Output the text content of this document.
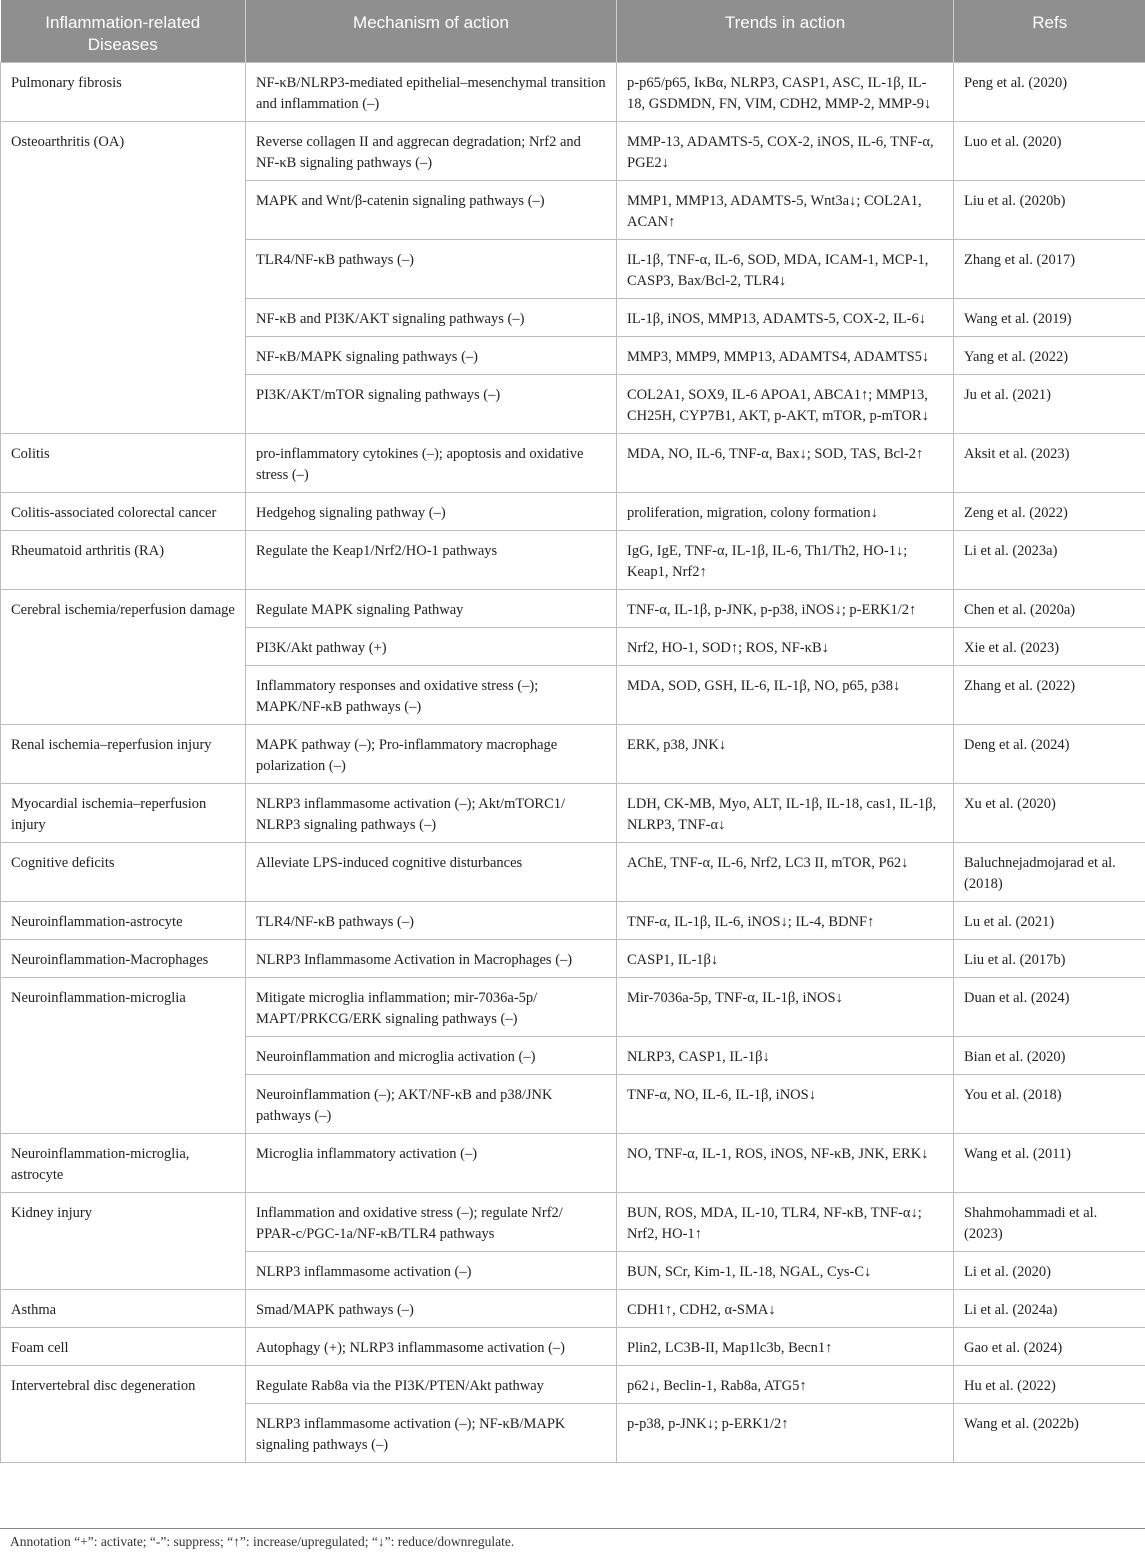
Inflammation-related Diseases	Mechanism of action	Trends in action	Refs
Pulmonary fibrosis	NF-κB/NLRP3-mediated epithelial–mesenchymal transition and inflammation (–)	p-p65/p65, IκBα, NLRP3, CASP1, ASC, IL-1β, IL-18, GSDMDN, FN, VIM, CDH2, MMP-2, MMP-9↓	Peng et al. (2020)
Osteoarthritis (OA)	Reverse collagen II and aggrecan degradation; Nrf2 and NF-κB signaling pathways (–)	MMP-13, ADAMTS-5, COX-2, iNOS, IL-6, TNF-α, PGE2↓	Luo et al. (2020)
	MAPK and Wnt/β-catenin signaling pathways (–)	MMP1, MMP13, ADAMTS-5, Wnt3a↓; COL2A1, ACAN↑	Liu et al. (2020b)
	TLR4/NF-κB pathways (–)	IL-1β, TNF-α, IL-6, SOD, MDA, ICAM-1, MCP-1, CASP3, Bax/Bcl-2, TLR4↓	Zhang et al. (2017)
	NF-κB and PI3K/AKT signaling pathways (–)	IL-1β, iNOS, MMP13, ADAMTS-5, COX-2, IL-6↓	Wang et al. (2019)
	NF-κB/MAPK signaling pathways (–)	MMP3, MMP9, MMP13, ADAMTS4, ADAMTS5↓	Yang et al. (2022)
	PI3K/AKT/mTOR signaling pathways (–)	COL2A1, SOX9, IL-6 APOA1, ABCA1↑; MMP13, CH25H, CYP7B1, AKT, p-AKT, mTOR, p-mTOR↓	Ju et al. (2021)
Colitis	pro-inflammatory cytokines (–); apoptosis and oxidative stress (–)	MDA, NO, IL-6, TNF-α, Bax↓; SOD, TAS, Bcl-2↑	Aksit et al. (2023)
Colitis-associated colorectal cancer	Hedgehog signaling pathway (–)	proliferation, migration, colony formation↓	Zeng et al. (2022)
Rheumatoid arthritis (RA)	Regulate the Keap1/Nrf2/HO-1 pathways	IgG, IgE, TNF-α, IL-1β, IL-6, Th1/Th2, HO-1↓; Keap1, Nrf2↑	Li et al. (2023a)
Cerebral ischemia/reperfusion damage	Regulate MAPK signaling Pathway	TNF-α, IL-1β, p-JNK, p-p38, iNOS↓; p-ERK1/2↑	Chen et al. (2020a)
	PI3K/Akt pathway (+)	Nrf2, HO-1, SOD↑; ROS, NF-κB↓	Xie et al. (2023)
	Inflammatory responses and oxidative stress (–); MAPK/NF-κB pathways (–)	MDA, SOD, GSH, IL-6, IL-1β, NO, p65, p38↓	Zhang et al. (2022)
Renal ischemia–reperfusion injury	MAPK pathway (–); Pro-inflammatory macrophage polarization (–)	ERK, p38, JNK↓	Deng et al. (2024)
Myocardial ischemia–reperfusion injury	NLRP3 inflammasome activation (–); Akt/mTORC1/ NLRP3 signaling pathways (–)	LDH, CK-MB, Myo, ALT, IL-1β, IL-18, cas1, IL-1β, NLRP3, TNF-α↓	Xu et al. (2020)
Cognitive deficits	Alleviate LPS-induced cognitive disturbances	AChE, TNF-α, IL-6, Nrf2, LC3 II, mTOR, P62↓	Baluchnejadmojarad et al. (2018)
Neuroinflammation-astrocyte	TLR4/NF-κB pathways (–)	TNF-α, IL-1β, IL-6, iNOS↓; IL-4, BDNF↑	Lu et al. (2021)
Neuroinflammation-Macrophages	NLRP3 Inflammasome Activation in Macrophages (–)	CASP1, IL-1β↓	Liu et al. (2017b)
Neuroinflammation-microglia	Mitigate microglia inflammation; mir-7036a-5p/ MAPT/PRKCG/ERK signaling pathways (–)	Mir-7036a-5p, TNF-α, IL-1β, iNOS↓	Duan et al. (2024)
	Neuroinflammation and microglia activation (–)	NLRP3, CASP1, IL-1β↓	Bian et al. (2020)
	Neuroinflammation (–); AKT/NF-κB and p38/JNK pathways (–)	TNF-α, NO, IL-6, IL-1β, iNOS↓	You et al. (2018)
Neuroinflammation-microglia, astrocyte	Microglia inflammatory activation (–)	NO, TNF-α, IL-1, ROS, iNOS, NF-κB, JNK, ERK↓	Wang et al. (2011)
Kidney injury	Inflammation and oxidative stress (–); regulate Nrf2/ PPAR-c/PGC-1a/NF-κB/TLR4 pathways	BUN, ROS, MDA, IL-10, TLR4, NF-κB, TNF-α↓; Nrf2, HO-1↑	Shahmohammadi et al. (2023)
	NLRP3 inflammasome activation (–)	BUN, SCr, Kim-1, IL-18, NGAL, Cys-C↓	Li et al. (2020)
Asthma	Smad/MAPK pathways (–)	CDH1↑, CDH2, α-SMA↓	Li et al. (2024a)
Foam cell	Autophagy (+); NLRP3 inflammasome activation (–)	Plin2, LC3B-II, Map1lc3b, Becn1↑	Gao et al. (2024)
Intervertebral disc degeneration	Regulate Rab8a via the PI3K/PTEN/Akt pathway	p62↓, Beclin-1, Rab8a, ATG5↑	Hu et al. (2022)
	NLRP3 inflammasome activation (–); NF-κB/MAPK signaling pathways (–)	p-p38, p-JNK↓; p-ERK1/2↑	Wang et al. (2022b)
Annotation “+”: activate; “-”: suppress; “↑”: increase/upregulated; “↓”: reduce/downregulate.
